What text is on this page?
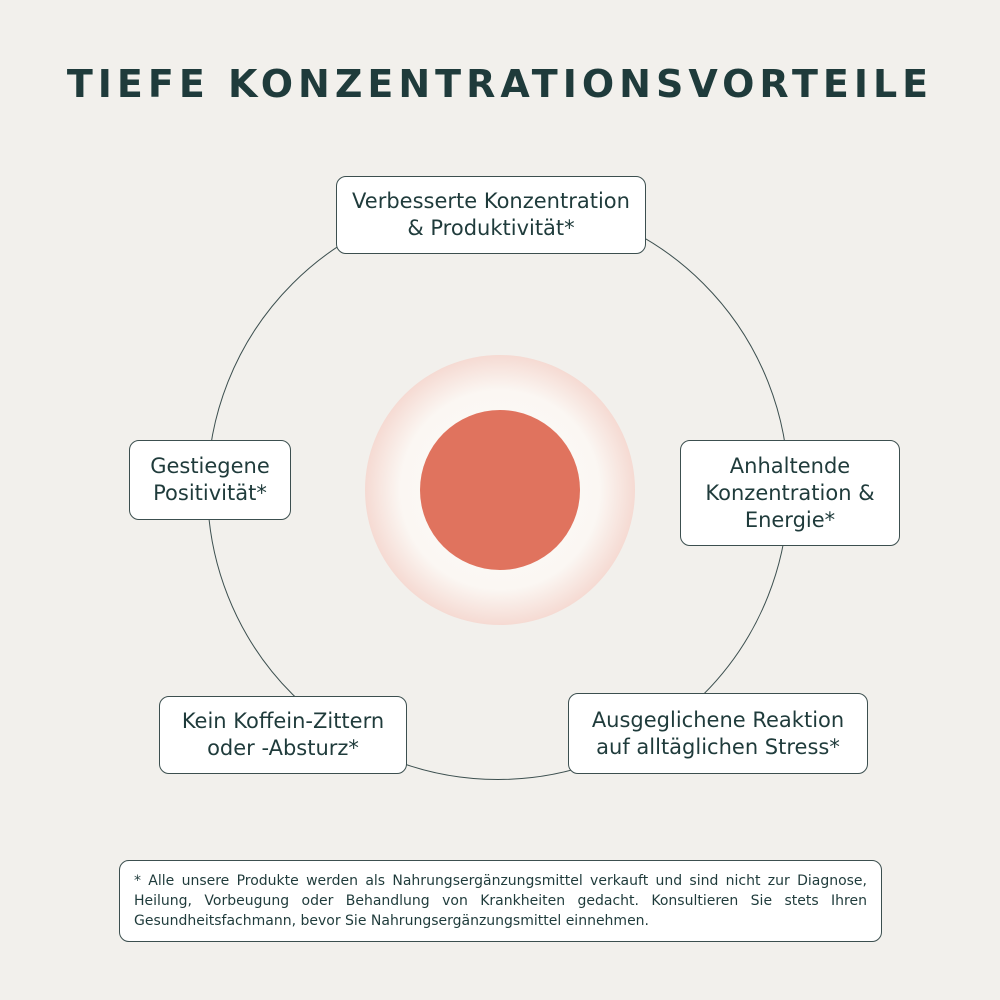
TIEFE KONZENTRATIONSVORTEILE
Verbesserte Konzentration
& Produktivität*
Gestiegene
Positivität*
Anhaltende
Konzentration &
Energie*
Kein Koffein-Zittern
oder -Absturz*
Ausgeglichene Reaktion
auf alltäglichen Stress*
* Alle unsere Produkte werden als Nahrungsergänzungsmittel verkauft und sind nicht zur Diagnose, Heilung, Vorbeugung oder Behandlung von Krankheiten gedacht. Konsultieren Sie stets Ihren Gesundheitsfachmann, bevor Sie Nahrungsergänzungsmittel einnehmen.
